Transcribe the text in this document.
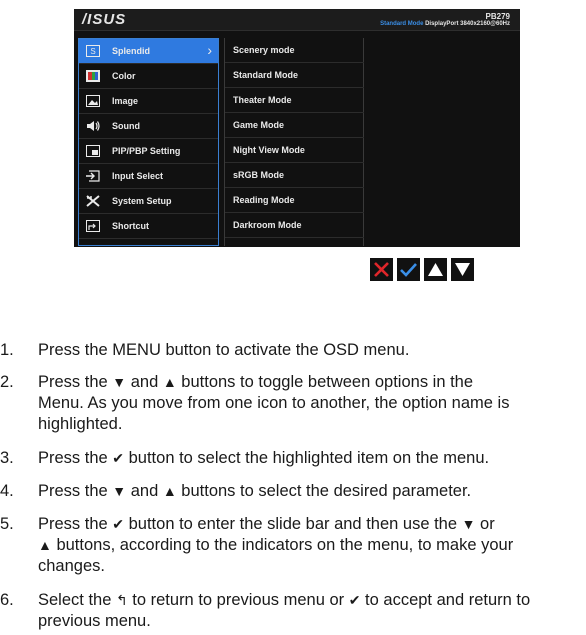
/ISUS	PB279
Standard Mode DisplayPort 3840x2160@60Hz
S Splendid	›
Color
Image
Sound
PIP/PBP Setting
Input Select
System Setup
Shortcut
Scenery mode
Standard Mode
Theater Mode
Game Mode
Night View Mode
sRGB Mode
Reading Mode
Darkroom Mode
1. Press the MENU button to activate the OSD menu.
2. Press the ▼ and ▲ buttons to toggle between options in the
Menu. As you move from one icon to another, the option name is
highlighted.
3. Press the ✔ button to select the highlighted item on the menu.
4. Press the ▼ and ▲ buttons to select the desired parameter.
5. Press the ✔ button to enter the slide bar and then use the ▼ or
▲ buttons, according to the indicators on the menu, to make your
changes.
6. Select the ↰ to return to previous menu or ✔ to accept and return to
previous menu.
